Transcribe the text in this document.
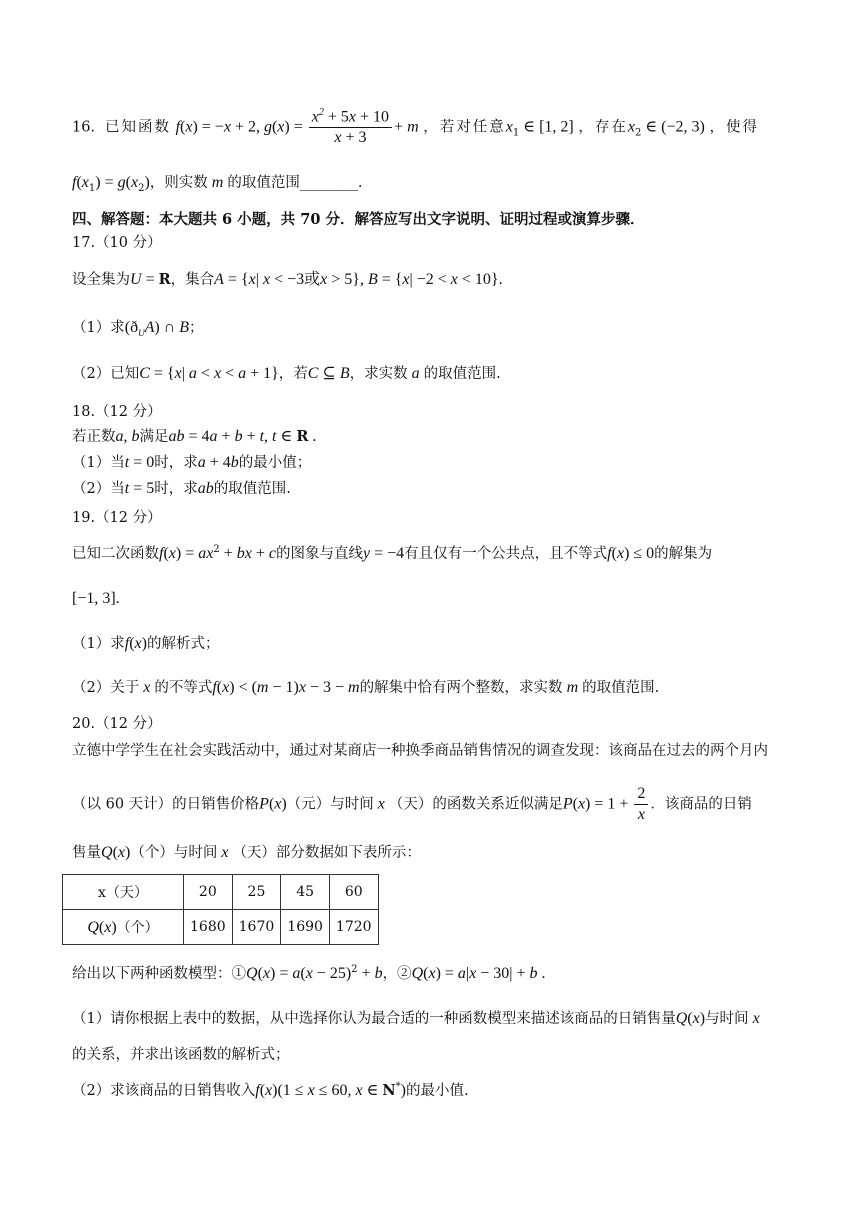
16．已知函数 f(x) = −x + 2, $g(x) = \frac{x^2 + 5x + 10}{x + 3} + m$ ，若对任意$x_1$ ∈ [1, 2] ，存在$x_2$ ∈ (−2, 3) ，使得
$f(x_1) = g(x_2)$，则实数 m 的取值范围________.
四、解答题：本大题共 6 小题，共 70 分．解答应写出文字说明、证明过程或演算步骤．
17.（10 分）
设全集为U = R，集合A = {x| x < −3或x > 5}, B = {x| −2 < x < 10}.
（1）求$(ð_UA)$ ∩ B；
（2）已知C = {x| a < x < a + 1}，若C ⊆ B，求实数 a 的取值范围.
18.（12 分）
若正数a, b满足ab = 4a + b + t, t ∈ R .
（1）当t = 0时，求a + 4b的最小值；
（2）当t = 5时，求ab的取值范围.
19.（12 分）
已知二次函数$f(x) = ax^2$ + bx + c的图象与直线y = −4有且仅有一个公共点，且不等式f(x) ≤ 0的解集为
[−1, 3].
（1）求f(x)的解析式；
（2）关于 x 的不等式f(x) < (m − 1)x − 3 − m的解集中恰有两个整数，求实数 m 的取值范围.
20.（12 分）
立德中学学生在社会实践活动中，通过对某商店一种换季商品销售情况的调查发现：该商品在过去的两个月内
（以 60 天计）的日销售价格P(x)（元）与时间 x （天）的函数关系近似满足$P(x) = 1 + \frac{2}{x}$ ．该商品的日销
售量Q(x)（个）与时间 x （天）部分数据如下表所示：
x（天）	20	25	45	60
Q(x)（个）	1680	1670	1690	1720
给出以下两种函数模型：①Q(x) = $a(x - 25)^2 + b$，②Q(x) = a|x − 30| + b .
（1）请你根据上表中的数据，从中选择你认为最合适的一种函数模型来描述该商品的日销售量Q(x)与时间 x
的关系，并求出该函数的解析式；
（2）求该商品的日销售收入f(x)(1 ≤ x ≤ 60, x ∈ N*)的最小值.
